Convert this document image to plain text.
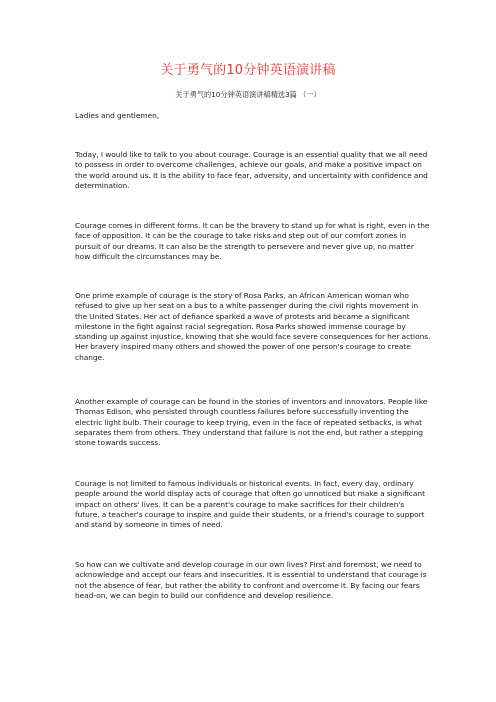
关于勇气的10分钟英语演讲稿
关于勇气的10分钟英语演讲稿精选3篇 （一）

Ladies and gentlemen,

Today, I would like to talk to you about courage. Courage is an essential quality that we all need to possess in order to overcome challenges, achieve our goals, and make a positive impact on the world around us. It is the ability to face fear, adversity, and uncertainty with confidence and determination.

Courage comes in different forms. It can be the bravery to stand up for what is right, even in the face of opposition. It can be the courage to take risks and step out of our comfort zones in pursuit of our dreams. It can also be the strength to persevere and never give up, no matter how difficult the circumstances may be.

One prime example of courage is the story of Rosa Parks, an African American woman who refused to give up her seat on a bus to a white passenger during the civil rights movement in the United States. Her act of defiance sparked a wave of protests and became a significant milestone in the fight against racial segregation. Rosa Parks showed immense courage by standing up against injustice, knowing that she would face severe consequences for her actions. Her bravery inspired many others and showed the power of one person's courage to create change.

Another example of courage can be found in the stories of inventors and innovators. People like Thomas Edison, who persisted through countless failures before successfully inventing the electric light bulb. Their courage to keep trying, even in the face of repeated setbacks, is what separates them from others. They understand that failure is not the end, but rather a stepping stone towards success.

Courage is not limited to famous individuals or historical events. In fact, every day, ordinary people around the world display acts of courage that often go unnoticed but make a significant impact on others' lives. It can be a parent's courage to make sacrifices for their children's future, a teacher's courage to inspire and guide their students, or a friend's courage to support and stand by someone in times of need.

So how can we cultivate and develop courage in our own lives? First and foremost, we need to acknowledge and accept our fears and insecurities. It is essential to understand that courage is not the absence of fear, but rather the ability to confront and overcome it. By facing our fears head-on, we can begin to build our confidence and develop resilience.
